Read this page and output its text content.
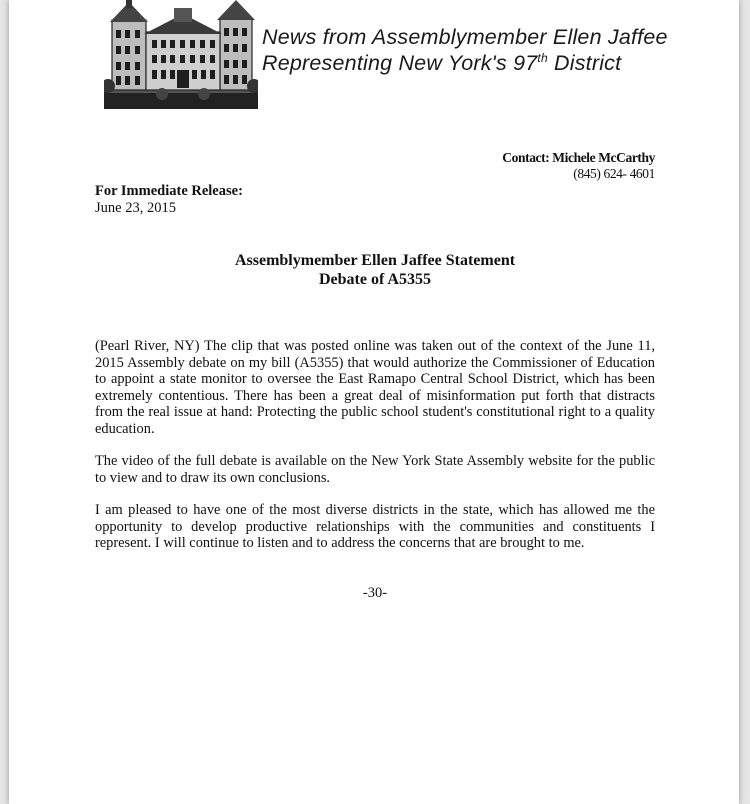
News from Assemblymember Ellen Jaffee
Representing New York's 97th District
Contact: Michele McCarthy
(845) 624- 4601
For Immediate Release:
June 23, 2015
Assemblymember Ellen Jaffee Statement
Debate of A5355

(Pearl River, NY) The clip that was posted online was taken out of the context of the June 11, 2015 Assembly debate on my bill (A5355) that would authorize the Commissioner of Education to appoint a state monitor to oversee the East Ramapo Central School District, which has been extremely contentious. There has been a great deal of misinformation put forth that distracts from the real issue at hand: Protecting the public school student's constitutional right to a quality education.

The video of the full debate is available on the New York State Assembly website for the public to view and to draw its own conclusions.

I am pleased to have one of the most diverse districts in the state, which has allowed me the opportunity to develop productive relationships with the communities and constituents I represent. I will continue to listen and to address the concerns that are brought to me.

-30-
